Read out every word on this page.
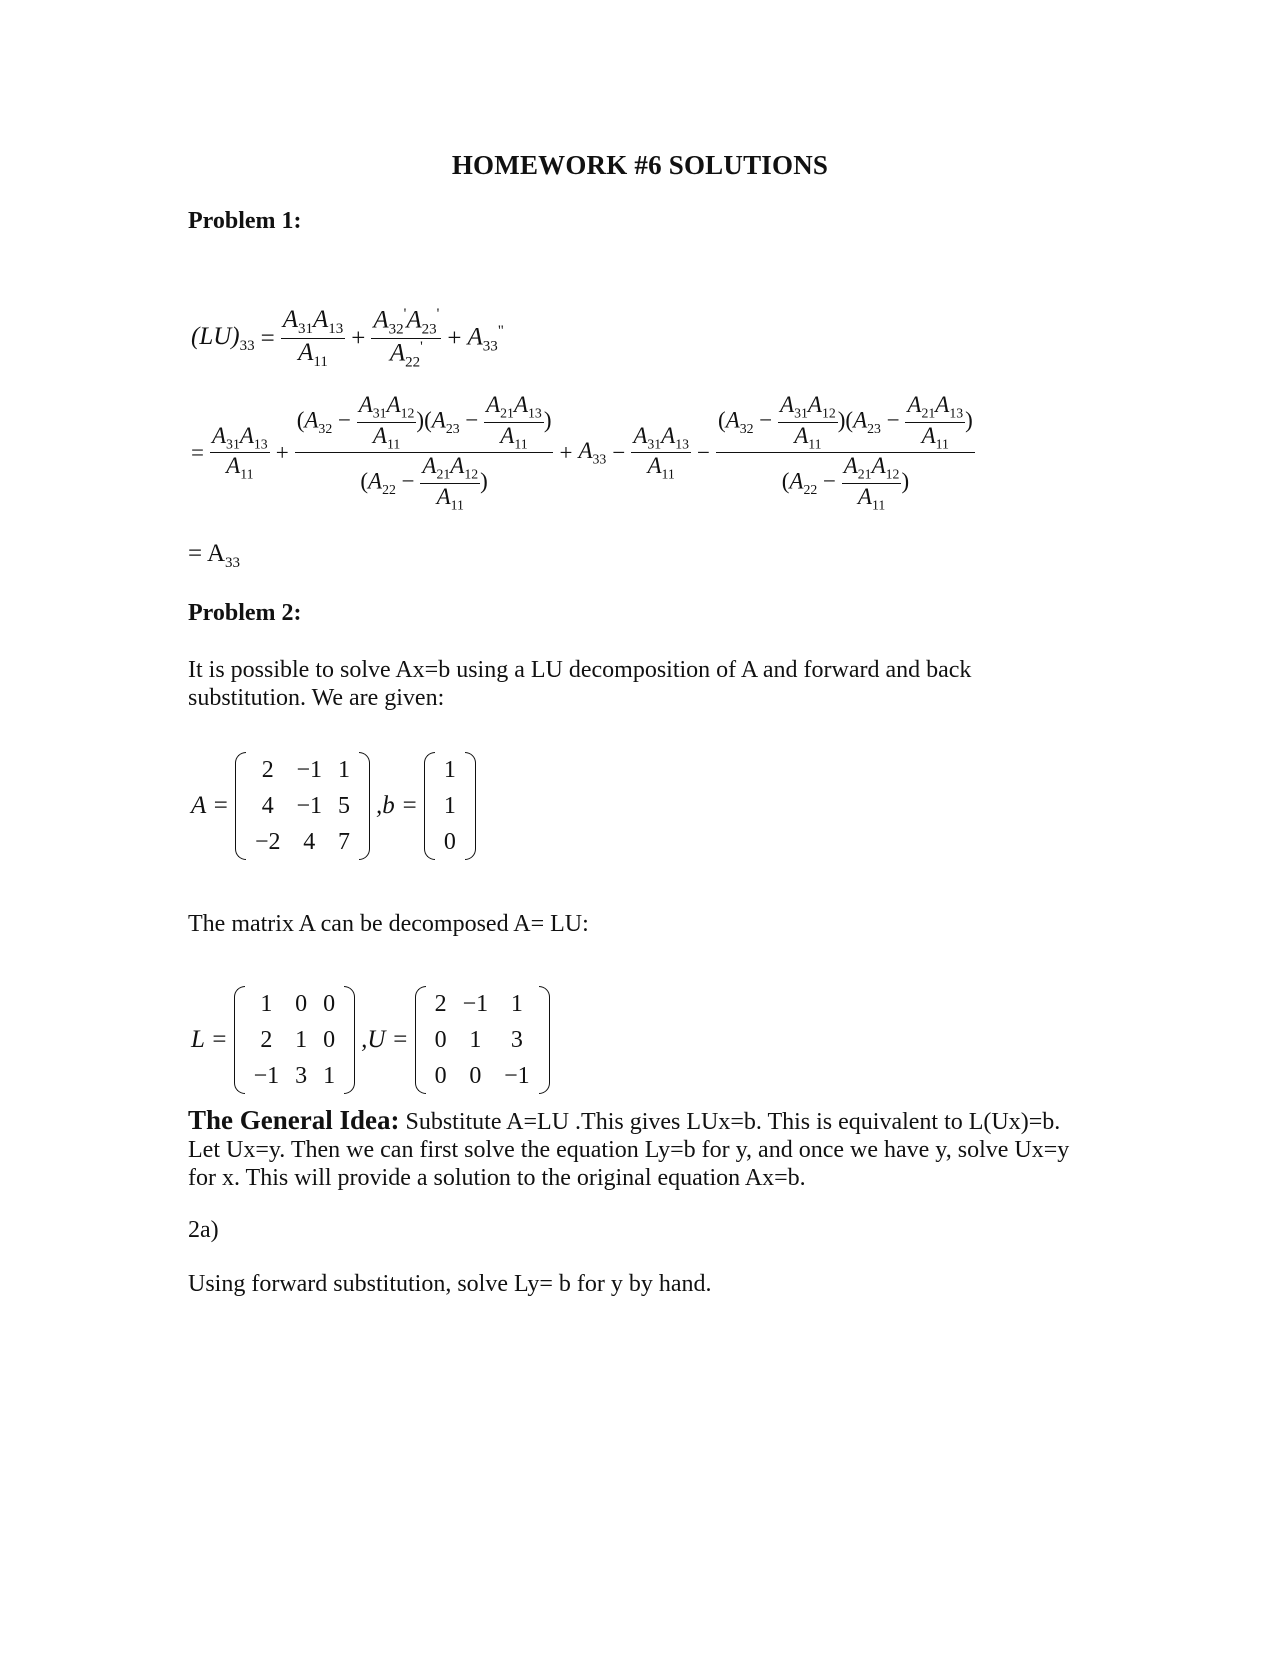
HOMEWORK #6 SOLUTIONS
Problem 1:
$(LU)_{33} = \frac{A_{31}A_{13}}{A_{11}} + \frac{A_{32}'A_{23}'}{A_{22}'} + A_{33}^"$
= $\frac{A_{31}A_{13}}{A_{11}} + \frac{(A_{32} - \frac{A_{31}A_{12}}{A_{11}} )(A_{23} - \frac{A_{21}A_{13}}{A_{11}} )}{(A_{22} - \frac{A_{21}A_{12}}{A_{11}} )} + A_{33} - \frac{A_{31}A_{13}}{A_{11}} - \frac{(A_{32} - \frac{A_{31}A_{12}}{A_{11}} )(A_{23} - \frac{A_{21}A_{13}}{A_{11}} )}{(A_{22} - \frac{A_{21}A_{12}}{A_{11}} )}$
= $A_{33}$
Problem 2:
It is possible to solve Ax=b using a LU decomposition of A and forward and back substitution. We are given:
A =
2	−1	1
4	−1	5
−2	4	7
,b =
1
1
0
The matrix A can be decomposed A= LU:
L =
1	0	0
2	1	0
−1	3	1
,U =
2	−1	1
0	1	3
0	0	−1
The General Idea: Substitute A=LU .This gives LUx=b. This is equivalent to L(Ux)=b. Let Ux=y. Then we can first solve the equation Ly=b for y, and once we have y, solve Ux=y for x. This will provide a solution to the original equation Ax=b.
2a)
Using forward substitution, solve Ly= b for y by hand.
